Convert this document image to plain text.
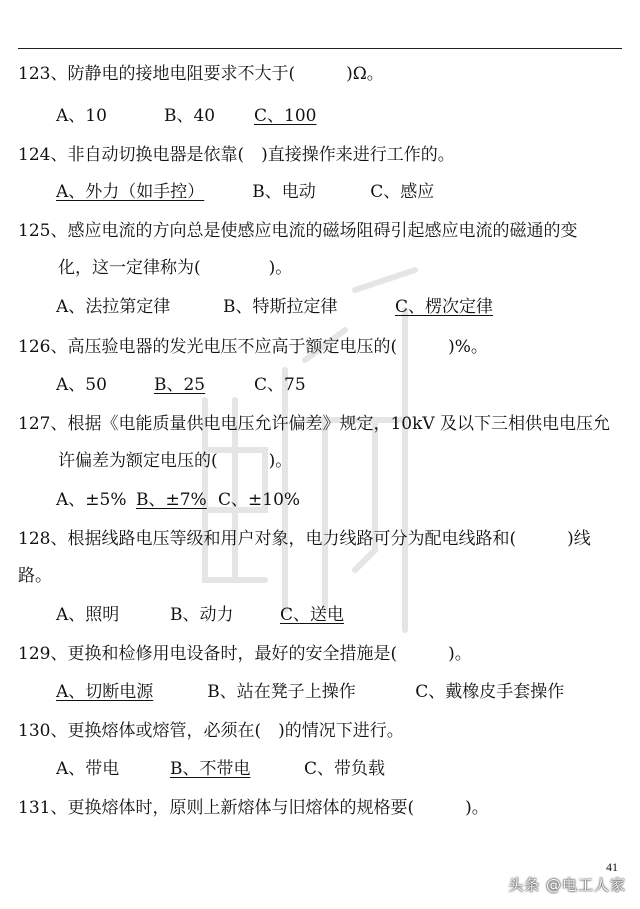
123、防静电的接地电阻要求不大于(　　　)Ω。
A、10	B、40 C、100
124、非自动切换电器是依靠(　)直接操作来进行工作的。
A、外力（如手控）	B、电动	C、感应
125、感应电流的方向总是使感应电流的磁场阻碍引起感应电流的磁通的变
化，这一定律称为(　　　　)。
A、法拉第定律	B、特斯拉定律	C、楞次定律
126、高压验电器的发光电压不应高于额定电压的(　　　)%。
A、50	B、25	C、75
127、根据《电能质量供电电压允许偏差》规定，10kV 及以下三相供电电压允
许偏差为额定电压的(　　　)。
A、±5% B、±7% C、±10%
128、根据线路电压等级和用户对象，电力线路可分为配电线路和(　　　)线
路。
A、照明	B、动力	C、送电
129、更换和检修用电设备时，最好的安全措施是(　　　)。
A、切断电源	B、站在凳子上操作	C、戴橡皮手套操作
130、更换熔体或熔管，必须在(　)的情况下进行。
A、带电	B、不带电	C、带负载
131、更换熔体时，原则上新熔体与旧熔体的规格要(　　　)。
41
头条 @电工人家
